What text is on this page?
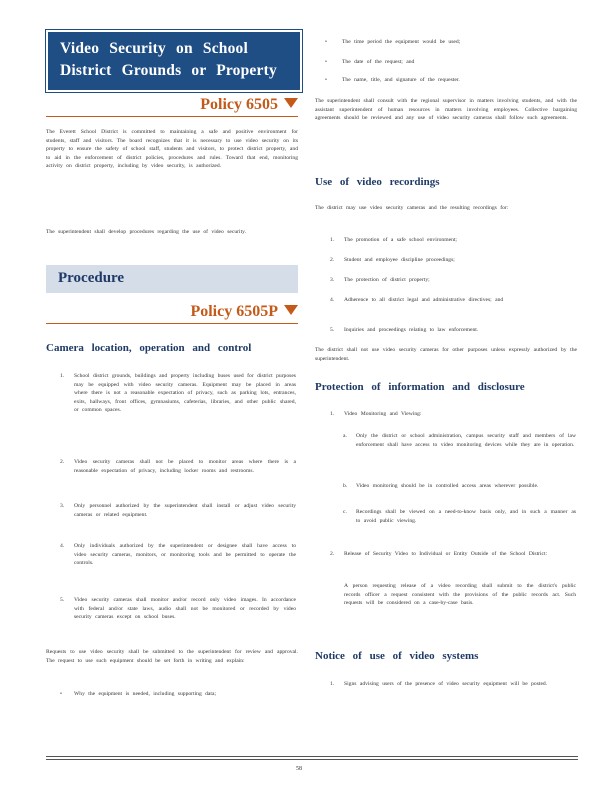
Video Security on School District Grounds or Property
Policy 6505

The Everett School District is committed to maintaining a safe and positive environment for students, staff and visitors. The board recognizes that it is necessary to use video security on its property to ensure the safety of school staff, students and visitors, to protect district property, and to aid in the enforcement of district policies, procedures and rules. Toward that end, monitoring activity on district property, including by video security, is authorized.

The superintendent shall develop procedures regarding the use of video security.

Procedure
Policy 6505P
Camera location, operation and control
1. School district grounds, buildings and property including buses used for district purposes may be equipped with video security cameras. Equipment may be placed in areas where there is not a reasonable expectation of privacy, such as parking lots, entrances, exits, hallways, front offices, gymnasiums, cafeterias, libraries, and other public shared, or common spaces.

2. Video security cameras shall not be placed to monitor areas where there is a reasonable expectation of privacy, including locker rooms and restrooms.

3. Only personnel authorized by the superintendent shall install or adjust video security cameras or related equipment.

4. Only individuals authorized by the superintendent or designee shall have access to video security cameras, monitors, or monitoring tools and be permitted to operate the controls.

5. Video security cameras shall monitor and/or record only video images. In accordance with federal and/or state laws, audio shall not be monitored or recorded by video security cameras except on school buses.

Requests to use video security shall be submitted to the superintendent for review and approval. The request to use such equipment should be set forth in writing and explain:

• Why the equipment is needed, including supporting data;

•	The time period the equipment would be used;

•	The date of the request; and

•	The name, title, and signature of the requester.

The superintendent shall consult with the regional supervisor in matters involving students, and with the assistant superintendent of human resources in matters involving employees. Collective bargaining agreements should be reviewed and any use of video security cameras shall follow such agreements.

Use of video recordings

The district may use video security cameras and the resulting recordings for:

1. The promotion of a safe school environment;

2. Student and employee discipline proceedings;

3. The protection of district property;

4. Adherence to all district legal and administrative directives; and

5. Inquiries and proceedings relating to law enforcement.

The district shall not use video security cameras for other purposes unless expressly authorized by the superintendent.

Protection of information and disclosure
1. Video Monitoring and Viewing:

a. Only the district or school administration, campus security staff and members of law enforcement shall have access to video monitoring devices while they are in operation.

b. Video monitoring should be in controlled access areas wherever possible.

c. Recordings shall be viewed on a need-to-know basis only, and in such a manner as to avoid public viewing.

2. Release of Security Video to Individual or Entity Outside of the School District:

A person requesting release of a video recording shall submit to the district's public records officer a request consistent with the provisions of the public records act. Such requests will be considered on a case-by-case basis.

Notice of use of video systems
1. Signs advising users of the presence of video security equipment will be posted.

58
